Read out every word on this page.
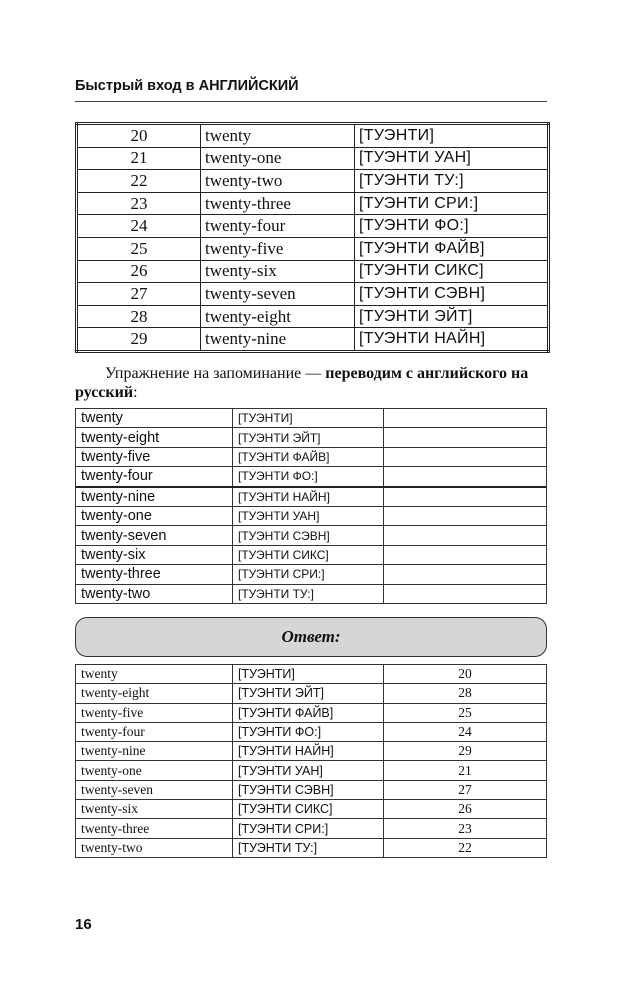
Быстрый вход в АНГЛИЙСКИЙ
20	twenty	[ТУЭНТИ]
21	twenty-one	[ТУЭНТИ УАН]
22	twenty-two	[ТУЭНТИ ТУ:]
23	twenty-three	[ТУЭНТИ СРИ:]
24	twenty-four	[ТУЭНТИ ФО:]
25	twenty-five	[ТУЭНТИ ФАЙВ]
26	twenty-six	[ТУЭНТИ СИКС]
27	twenty-seven	[ТУЭНТИ СЭВН]
28	twenty-eight	[ТУЭНТИ ЭЙТ]
29	twenty-nine	[ТУЭНТИ НАЙН]
Упражнение на запоминание — переводим с английского на русский:
twenty	[ТУЭНТИ]	
twenty-eight	[ТУЭНТИ ЭЙТ]	
twenty-five	[ТУЭНТИ ФАЙВ]	
twenty-four	[ТУЭНТИ ФО:]	
twenty-nine	[ТУЭНТИ НАЙН]	
twenty-one	[ТУЭНТИ УАН]	
twenty-seven	[ТУЭНТИ СЭВН]	
twenty-six	[ТУЭНТИ СИКС]	
twenty-three	[ТУЭНТИ СРИ:]	
twenty-two	[ТУЭНТИ ТУ:]	
Ответ:
twenty	[ТУЭНТИ]	20
twenty-eight	[ТУЭНТИ ЭЙТ]	28
twenty-five	[ТУЭНТИ ФАЙВ]	25
twenty-four	[ТУЭНТИ ФО:]	24
twenty-nine	[ТУЭНТИ НАЙН]	29
twenty-one	[ТУЭНТИ УАН]	21
twenty-seven	[ТУЭНТИ СЭВН]	27
twenty-six	[ТУЭНТИ СИКС]	26
twenty-three	[ТУЭНТИ СРИ:]	23
twenty-two	[ТУЭНТИ ТУ:]	22
16
